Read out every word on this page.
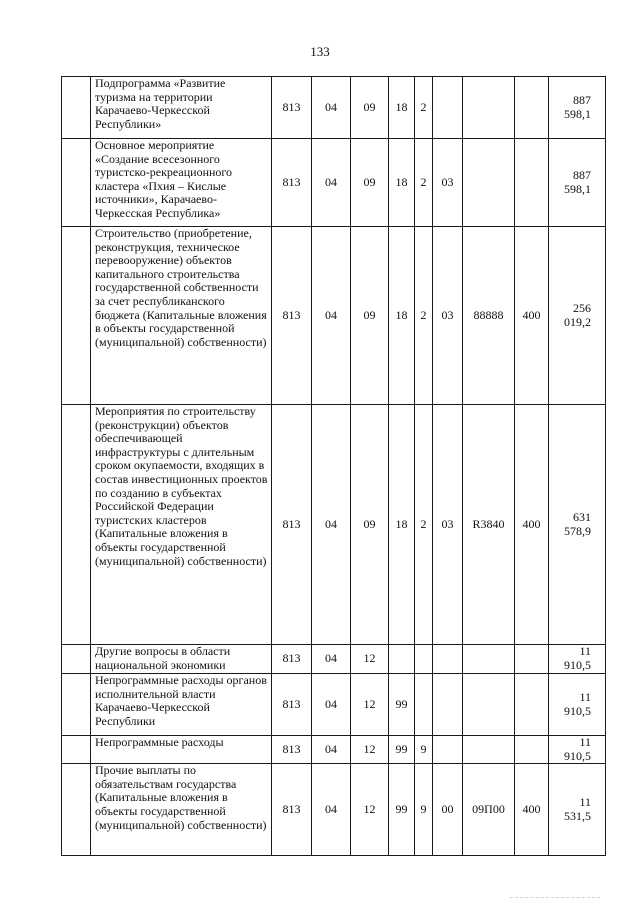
133
	Подпрограмма «Развитие туризма на территории Карачаево-Черкесской Республики»	813	04	09	18	2				887 598,1
	Основное мероприятие «Создание всесезонного туристско-рекреационного кластера «Пхия – Кислые источники», Карачаево-Черкесская Республика»	813	04	09	18	2	03			887 598,1
	Строительство (приобретение, реконструкция, техническое перевооружение) объектов капитального строительства государственной собственности за счет республиканского бюджета (Капитальные вложения в объекты государственной (муниципальной) собственности)	813	04	09	18	2	03	88888	400	256 019,2
	Мероприятия по строительству (реконструкции) объектов обеспечивающей инфраструктуры с длительным сроком окупаемости, входящих в состав инвестиционных проектов по созданию в субъектах Российской Федерации туристских кластеров (Капитальные вложения в объекты государственной (муниципальной) собственности)	813	04	09	18	2	03	R3840	400	631 578,9
	Другие вопросы в области национальной экономики	813	04	12						11 910,5
	Непрограммные расходы органов исполнительной власти Карачаево-Черкесской Республики	813	04	12	99					11 910,5
	Непрограммные расходы	813	04	12	99	9				11 910,5
	Прочие выплаты по обязательствам государства (Капитальные вложения в объекты государственной (муниципальной) собственности)	813	04	12	99	9	00	09П00	400	11 531,5
